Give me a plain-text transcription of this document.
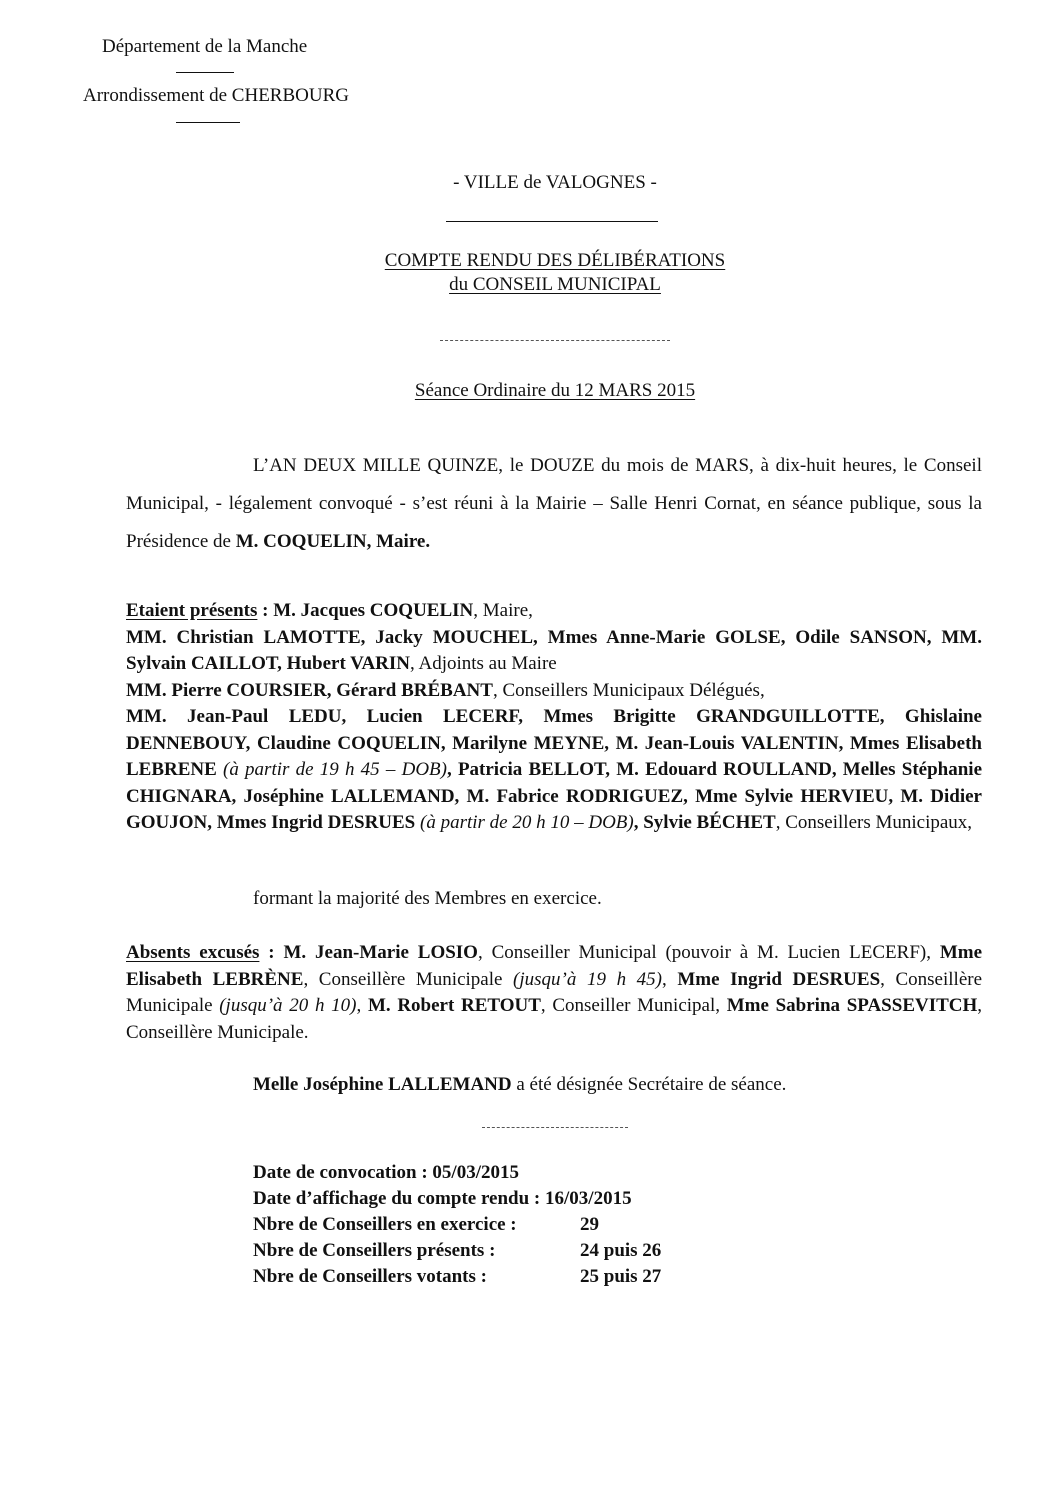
Département de la Manche
Arrondissement de CHERBOURG
- VILLE de VALOGNES -
COMPTE RENDU DES DÉLIBÉRATIONS
du CONSEIL MUNICIPAL
Séance Ordinaire du 12 MARS 2015
L’AN DEUX MILLE QUINZE, le DOUZE du mois de MARS, à dix-huit heures, le Conseil Municipal, - légalement convoqué - s’est réuni à la Mairie – Salle Henri Cornat, en séance publique, sous la Présidence de M. COQUELIN, Maire.
Etaient présents : M. Jacques COQUELIN, Maire,
MM. Christian LAMOTTE, Jacky MOUCHEL, Mmes Anne-Marie GOLSE, Odile SANSON, MM. Sylvain CAILLOT, Hubert VARIN, Adjoints au Maire
MM. Pierre COURSIER, Gérard BRÉBANT, Conseillers Municipaux Délégués,
MM. Jean-Paul LEDU, Lucien LECERF, Mmes Brigitte GRANDGUILLOTTE, Ghislaine DENNEBOUY, Claudine COQUELIN, Marilyne MEYNE, M. Jean-Louis VALENTIN, Mmes Elisabeth LEBRENE (à partir de 19 h 45 – DOB), Patricia BELLOT, M. Edouard ROULLAND, Melles Stéphanie CHIGNARA, Joséphine LALLEMAND, M. Fabrice RODRIGUEZ, Mme Sylvie HERVIEU, M. Didier GOUJON, Mmes Ingrid DESRUES (à partir de 20 h 10 – DOB), Sylvie BÉCHET, Conseillers Municipaux,
formant la majorité des Membres en exercice.
Absents excusés : M. Jean-Marie LOSIO, Conseiller Municipal (pouvoir à M. Lucien LECERF), Mme Elisabeth LEBRÈNE, Conseillère Municipale (jusqu’à 19 h 45), Mme Ingrid DESRUES, Conseillère Municipale (jusqu’à 20 h 10), M. Robert RETOUT, Conseiller Municipal, Mme Sabrina SPASSEVITCH, Conseillère Municipale.
Melle Joséphine LALLEMAND a été désignée Secrétaire de séance.
Date de convocation : 05/03/2015
Date d’affichage du compte rendu : 16/03/2015
Nbre de Conseillers en exercice :	29
Nbre de Conseillers présents :	24 puis 26
Nbre de Conseillers votants :	25 puis 27
